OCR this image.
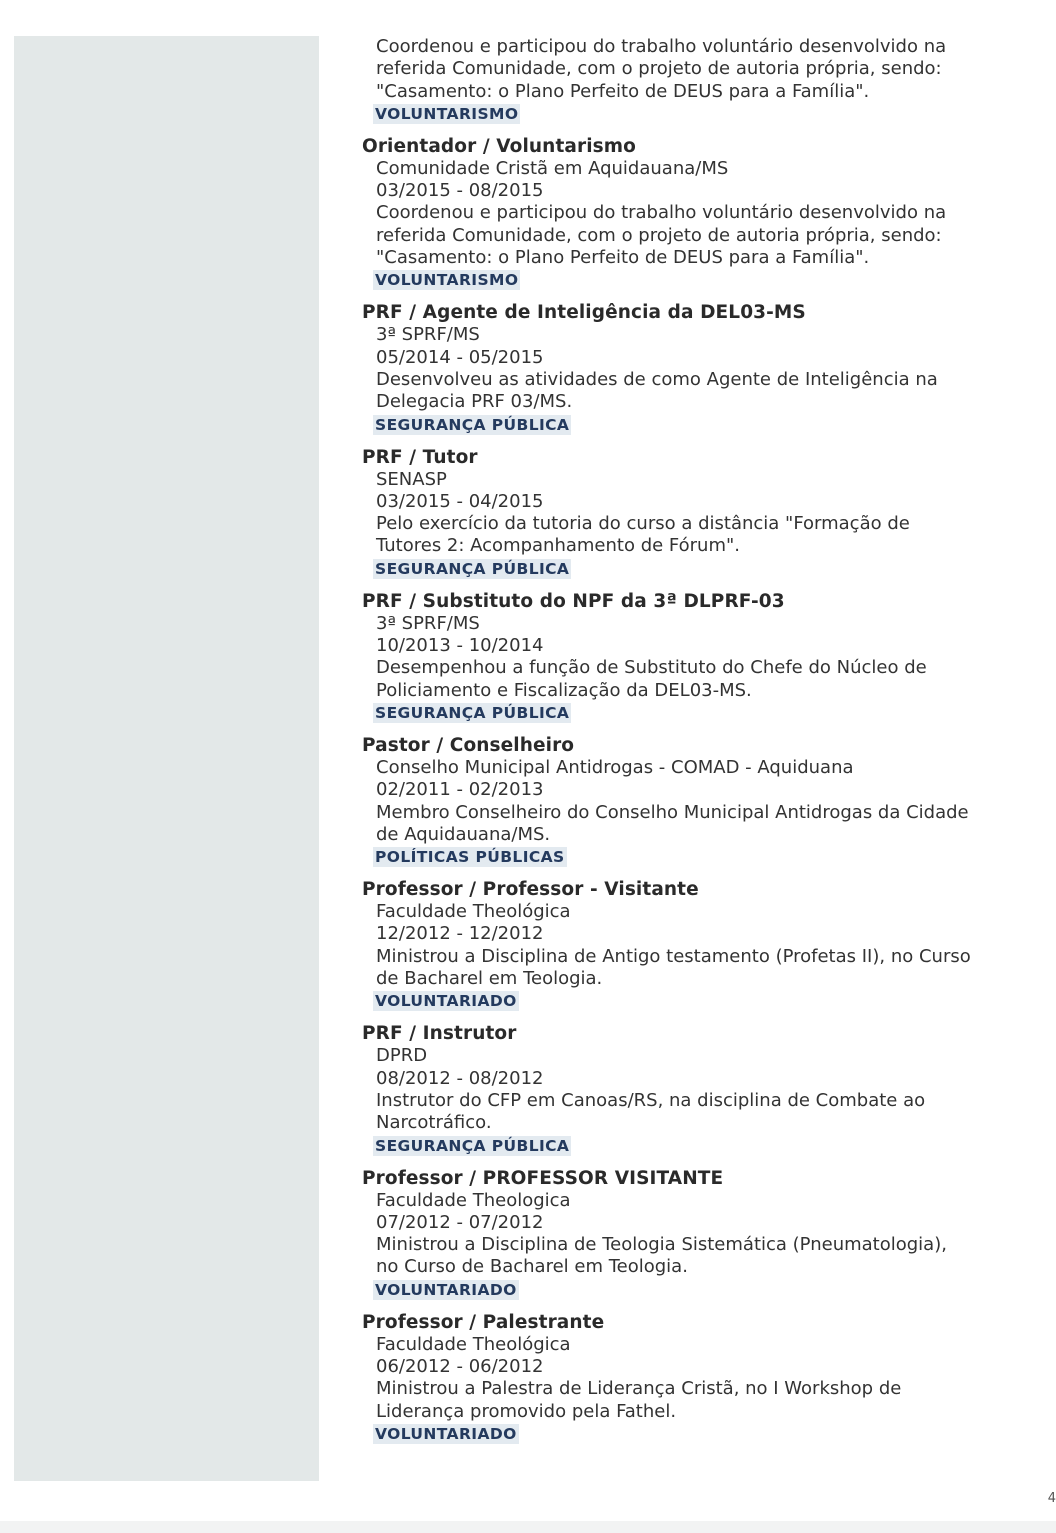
Coordenou e participou do trabalho voluntário desenvolvido na
referida Comunidade, com o projeto de autoria própria, sendo:
"Casamento: o Plano Perfeito de DEUS para a Família".
VOLUNTARISMO
Orientador / Voluntarismo
Comunidade Cristã em Aquidauana/MS
03/2015 - 08/2015
Coordenou e participou do trabalho voluntário desenvolvido na
referida Comunidade, com o projeto de autoria própria, sendo:
"Casamento: o Plano Perfeito de DEUS para a Família".
VOLUNTARISMO
PRF / Agente de Inteligência da DEL03-MS
3ª SPRF/MS
05/2014 - 05/2015
Desenvolveu as atividades de como Agente de Inteligência na
Delegacia PRF 03/MS.
SEGURANÇA PÚBLICA
PRF / Tutor
SENASP
03/2015 - 04/2015
Pelo exercício da tutoria do curso a distância "Formação de
Tutores 2: Acompanhamento de Fórum".
SEGURANÇA PÚBLICA
PRF / Substituto do NPF da 3ª DLPRF-03
3ª SPRF/MS
10/2013 - 10/2014
Desempenhou a função de Substituto do Chefe do Núcleo de
Policiamento e Fiscalização da DEL03-MS.
SEGURANÇA PÚBLICA
Pastor / Conselheiro
Conselho Municipal Antidrogas - COMAD - Aquiduana
02/2011 - 02/2013
Membro Conselheiro do Conselho Municipal Antidrogas da Cidade
de Aquidauana/MS.
POLÍTICAS PÚBLICAS
Professor / Professor - Visitante
Faculdade Theológica
12/2012 - 12/2012
Ministrou a Disciplina de Antigo testamento (Profetas II), no Curso
de Bacharel em Teologia.
VOLUNTARIADO
PRF / Instrutor
DPRD
08/2012 - 08/2012
Instrutor do CFP em Canoas/RS, na disciplina de Combate ao
Narcotráfico.
SEGURANÇA PÚBLICA
Professor / PROFESSOR VISITANTE
Faculdade Theologica
07/2012 - 07/2012
Ministrou a Disciplina de Teologia Sistemática (Pneumatologia),
no Curso de Bacharel em Teologia.
VOLUNTARIADO
Professor / Palestrante
Faculdade Theológica
06/2012 - 06/2012
Ministrou a Palestra de Liderança Cristã, no I Workshop de
Liderança promovido pela Fathel.
VOLUNTARIADO
4
